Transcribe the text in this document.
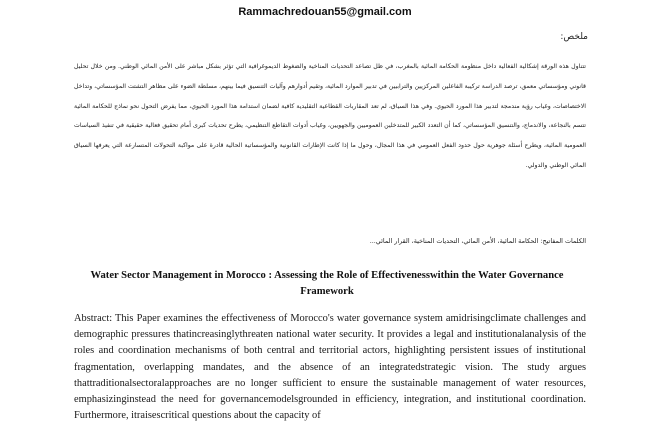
Rammachredouan55@gmail.com
ملخص:
تتناول هذه الورقة إشكالية الفعالية داخل منظومة الحكامة المائية بالمغرب، في ظل تصاعد التحديات المناخية والضغوط الديموغرافية التي تؤثر بشكل مباشر على الأمن المائي الوطني. ومن خلال تحليل قانوني ومؤسساتي معمق، ترصد الدراسة تركيبة الفاعلين المركزيين والترابيين في تدبير الموارد المائية، وتقيم أدوارهم وآليات التنسيق فيما بينهم، مسلطة الضوء على مظاهر التشتت المؤسساتي، وتداخل الاختصاصات، وغياب رؤية مندمجة لتدبير هذا المورد الحيوي. وفي هذا السياق، لم تعد المقاربات القطاعية التقليدية كافية لضمان استدامة هذا المورد الحيوي، مما يفرض التحول نحو نماذج للحكامة المائية تتسم بالنجاعة، والاندماج، والتنسيق المؤسساتي، كما أن التعدد الكبير للمتدخلين العموميين والجهويين، وغياب أدوات التقاطع التنظيمي، يطرح تحديات كبرى أمام تحقيق فعالية حقيقية في تنفيذ السياسات العمومية المائية، ويطرح أسئلة جوهرية حول حدود الفعل العمومي في هذا المجال، وحول ما إذا كانت الإطارات القانونية والمؤسساتية الحالية قادرة على مواكبة التحولات المتسارعة التي يعرفها السياق المائي الوطني والدولي.
الكلمات المفاتيح: الحكامة المائية، الأمن المائي، التحديات المناخية، القرار المائي...
Water Sector Management in Morocco : Assessing the Role of Effectivenesswithin the Water Governance Framework
Abstract: This Paper examines the effectiveness of Morocco's water governance system amidrisingclimate challenges and demographic pressures thatincreasinglythreaten national water security. It provides a legal and institutionalanalysis of the roles and coordination mechanisms of both central and territorial actors, highlighting persistent issues of institutional fragmentation, overlapping mandates, and the absence of an integratedstrategic vision. The study argues thattraditionalsectoralapproaches are no longer sufficient to ensure the sustainable management of water resources, emphasizinginstead the need for governancemodelsgrounded in efficiency, integration, and institutional coordination. Furthermore, itraisescritical questions about the capacity of
